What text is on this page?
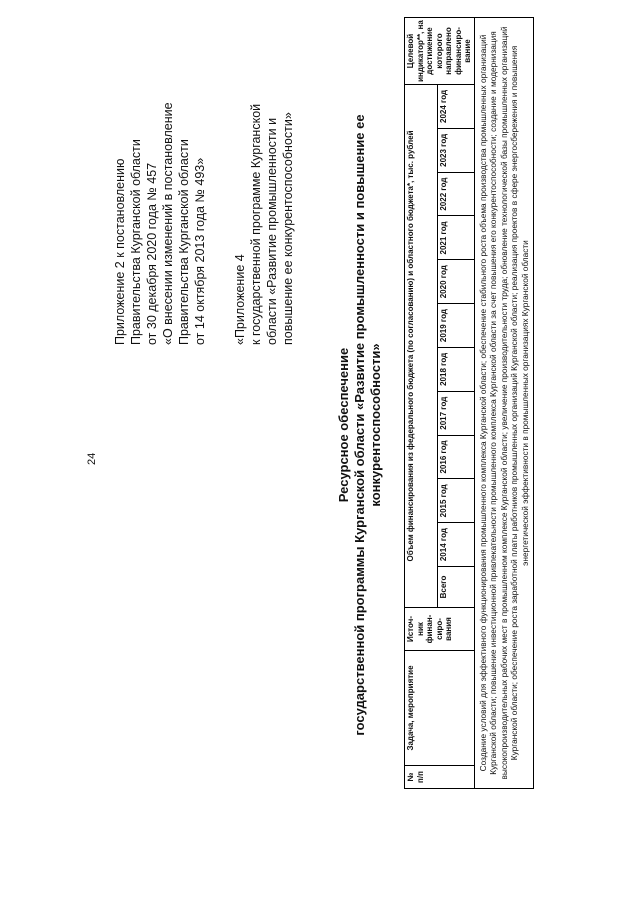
24
Приложение 2 к постановлению Правительства Курганской области от 30 декабря 2020 года № 457 «О внесении изменений в постановление Правительства Курганской области от 14 октября 2013 года № 493» «Приложение 4 к государственной программе Курганской области «Развитие промышленности и повышение ее конкурентоспособности»
Ресурсное обеспечение государственной программы Курганской области «Развитие промышленности и повышение ее конкурентоспособности»
№ п/п	Задача, мероприятие	Источ-ник финан-сиро-вания	Объем финансирования из федерального бюджета (по согласованию) и областного бюджета*, тыс. рублей												Целевой индикатор**, на достижение которого направлено финансиро-вание
			Всего	2014 год	2015 год	2016 год	2017 год	2018 год	2019 год	2020 год	2021 год	2022 год	2023 год	2024 год	
Создание условий для эффективного функционирования промышленного комплекса Курганской области; обеспечение стабильного роста объема производства промышленных организаций Курганской области; повышение инвестиционной привлекательности промышленного комплекса Курганской области за счет повышения его конкурентоспособности; создание и модернизация высокопроизводительных рабочих мест в промышленном комплексе Курганской области; увеличение производительности труда; обновление технологической базы промышленных организаций Курганской области; обеспечение роста заработной платы работников промышленных организаций Курганской области; реализация проектов в сфере энергосбережения и повышения энергетической эффективности в промышленных организациях Курганской области															
